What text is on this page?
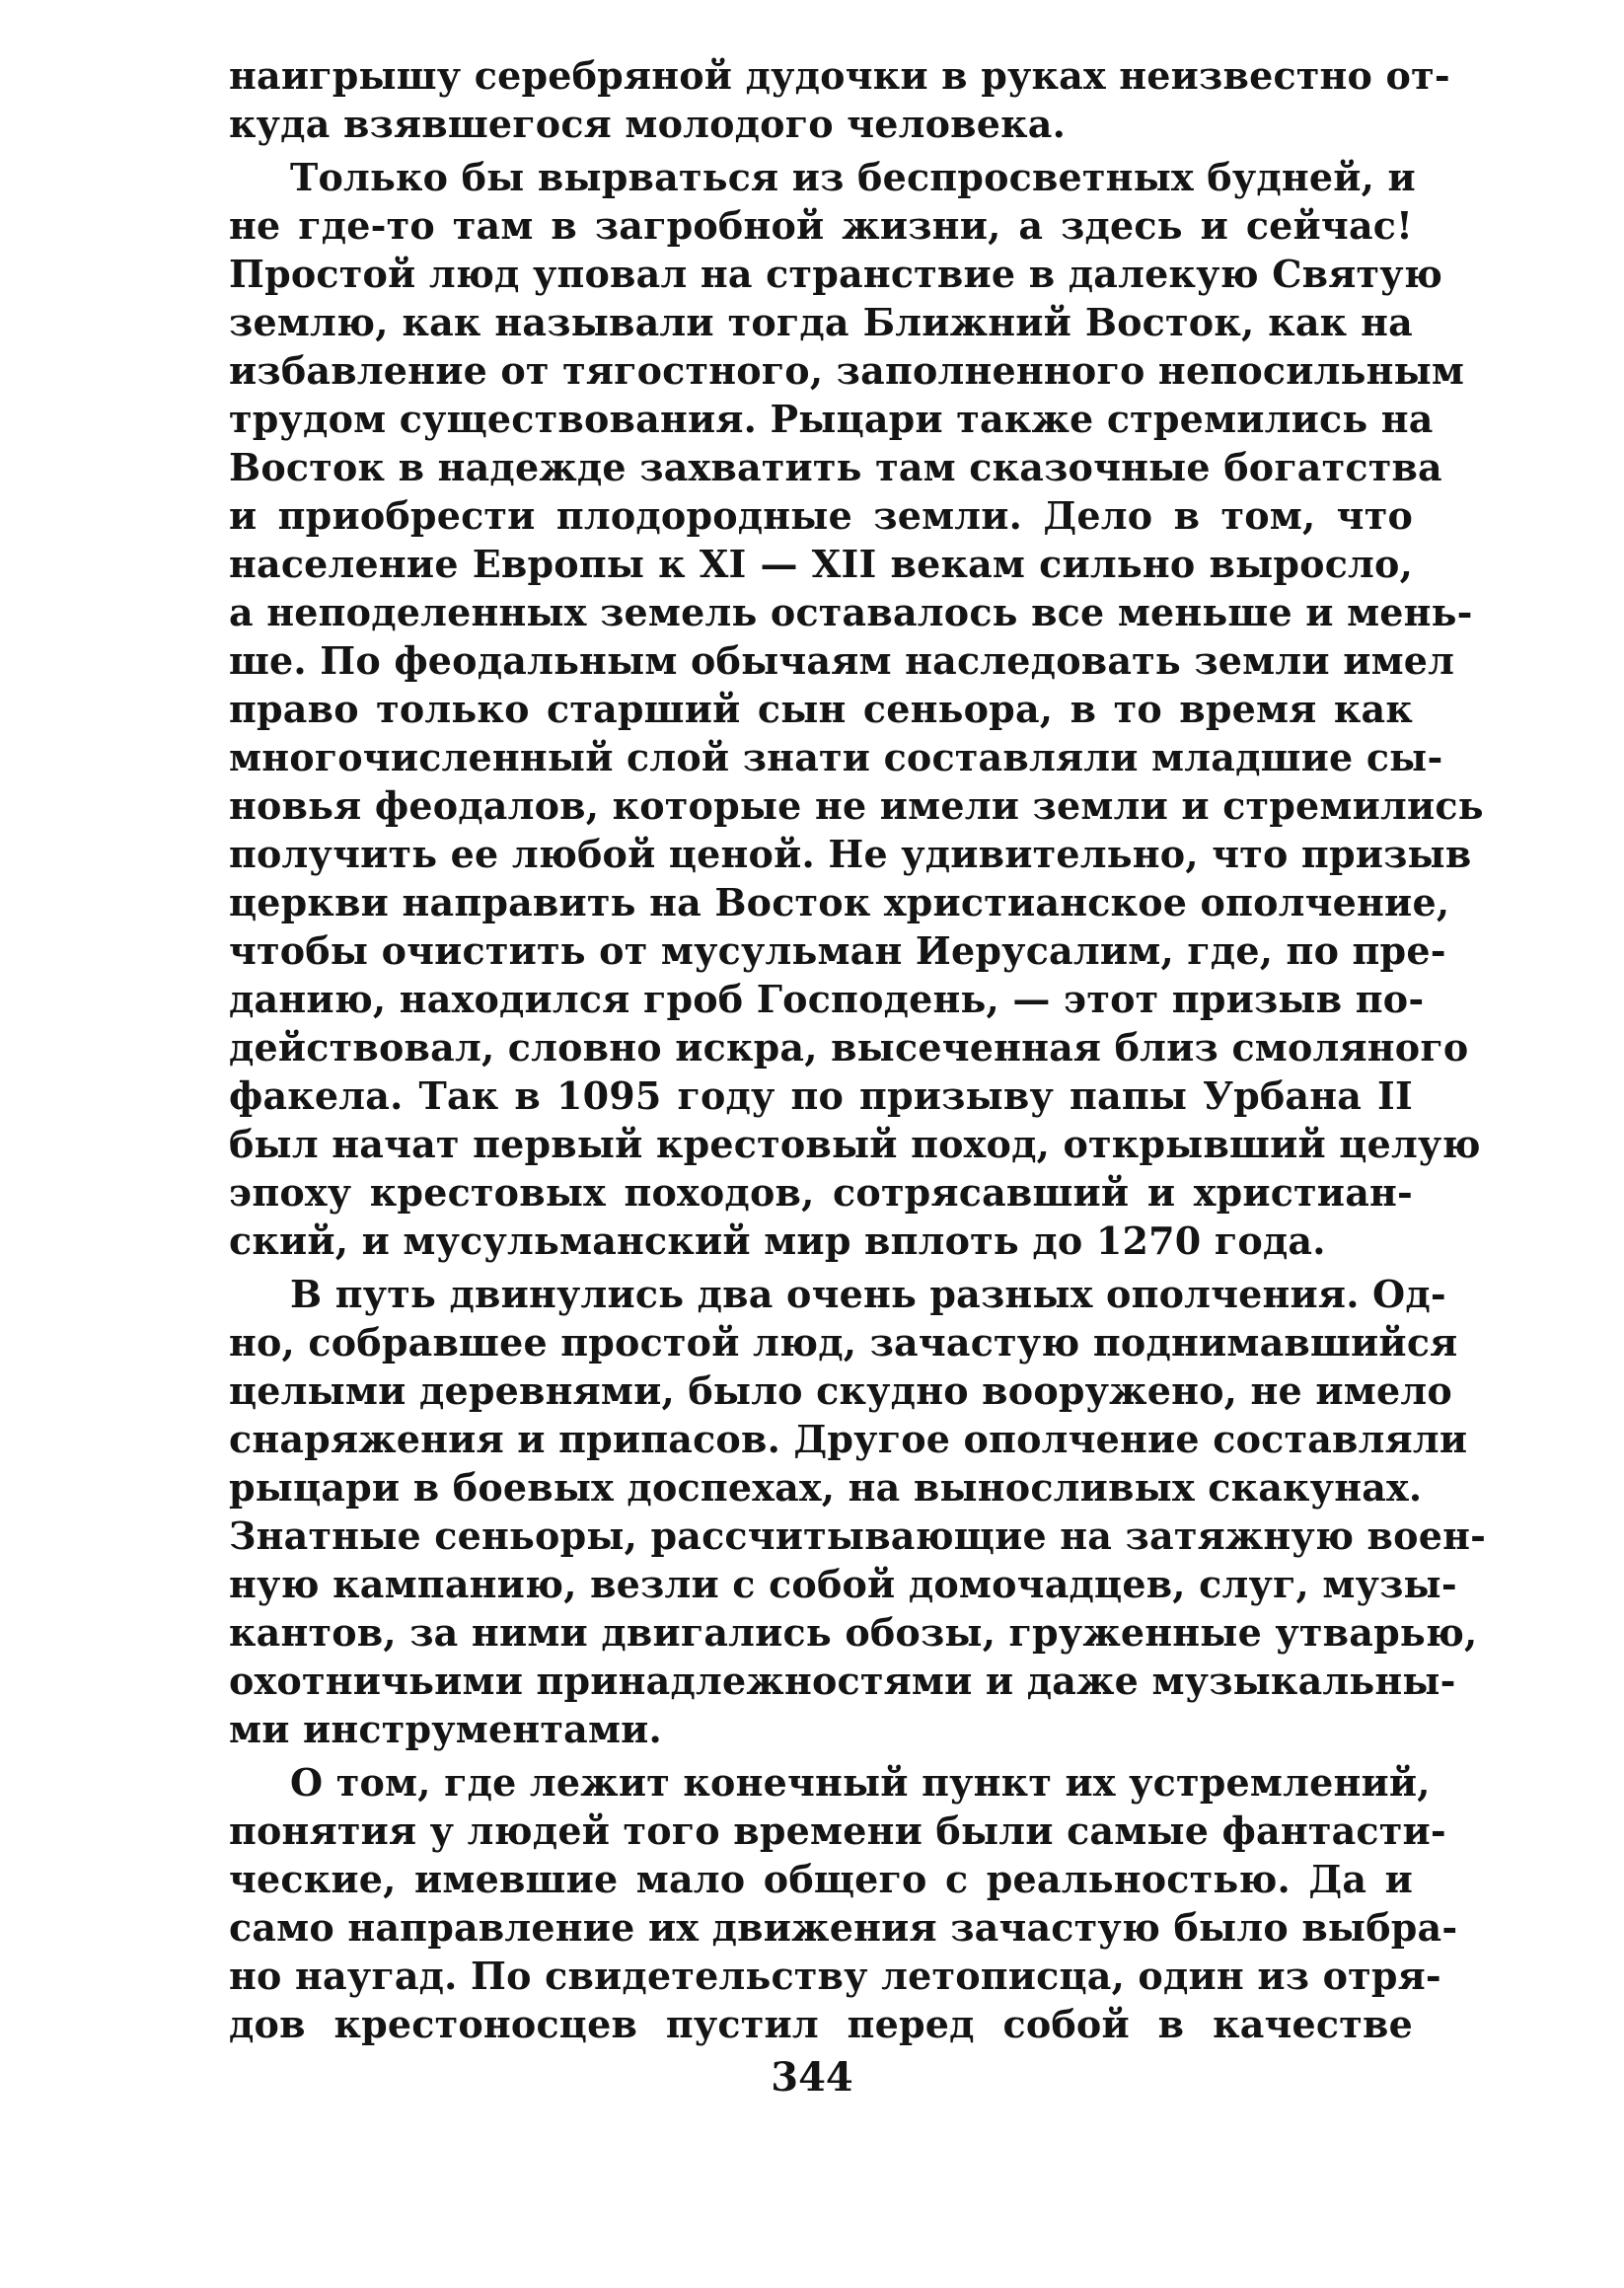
наигрышу серебряной дудочки в руках неизвестно от-
куда взявшегося молодого человека.
Только бы вырваться из беспросветных будней, и
не где-то там в загробной жизни, а здесь и сейчас!
Простой люд уповал на странствие в далекую Святую
землю, как называли тогда Ближний Восток, как на
избавление от тягостного, заполненного непосильным
трудом существования. Рыцари также стремились на
Восток в надежде захватить там сказочные богатства
и приобрести плодородные земли. Дело в том, что
население Европы к XI — XII векам сильно выросло,
а неподеленных земель оставалось все меньше и мень-
ше. По феодальным обычаям наследовать земли имел
право только старший сын сеньора, в то время как
многочисленный слой знати составляли младшие сы-
новья феодалов, которые не имели земли и стремились
получить ее любой ценой. Не удивительно, что призыв
церкви направить на Восток христианское ополчение,
чтобы очистить от мусульман Иерусалим, где, по пре-
данию, находился гроб Господень, — этот призыв по-
действовал, словно искра, высеченная близ смоляного
факела. Так в 1095 году по призыву папы Урбана II
был начат первый крестовый поход, открывший целую
эпоху крестовых походов, сотрясавший и христиан-
ский, и мусульманский мир вплоть до 1270 года.
В путь двинулись два очень разных ополчения. Од-
но, собравшее простой люд, зачастую поднимавшийся
целыми деревнями, было скудно вооружено, не имело
снаряжения и припасов. Другое ополчение составляли
рыцари в боевых доспехах, на выносливых скакунах.
Знатные сеньоры, рассчитывающие на затяжную воен-
ную кампанию, везли с собой домочадцев, слуг, музы-
кантов, за ними двигались обозы, груженные утварью,
охотничьими принадлежностями и даже музыкальны-
ми инструментами.
О том, где лежит конечный пункт их устремлений,
понятия у людей того времени были самые фантасти-
ческие, имевшие мало общего с реальностью. Да и
само направление их движения зачастую было выбра-
но наугад. По свидетельству летописца, один из отря-
дов крестоносцев пустил перед собой в качестве
344
